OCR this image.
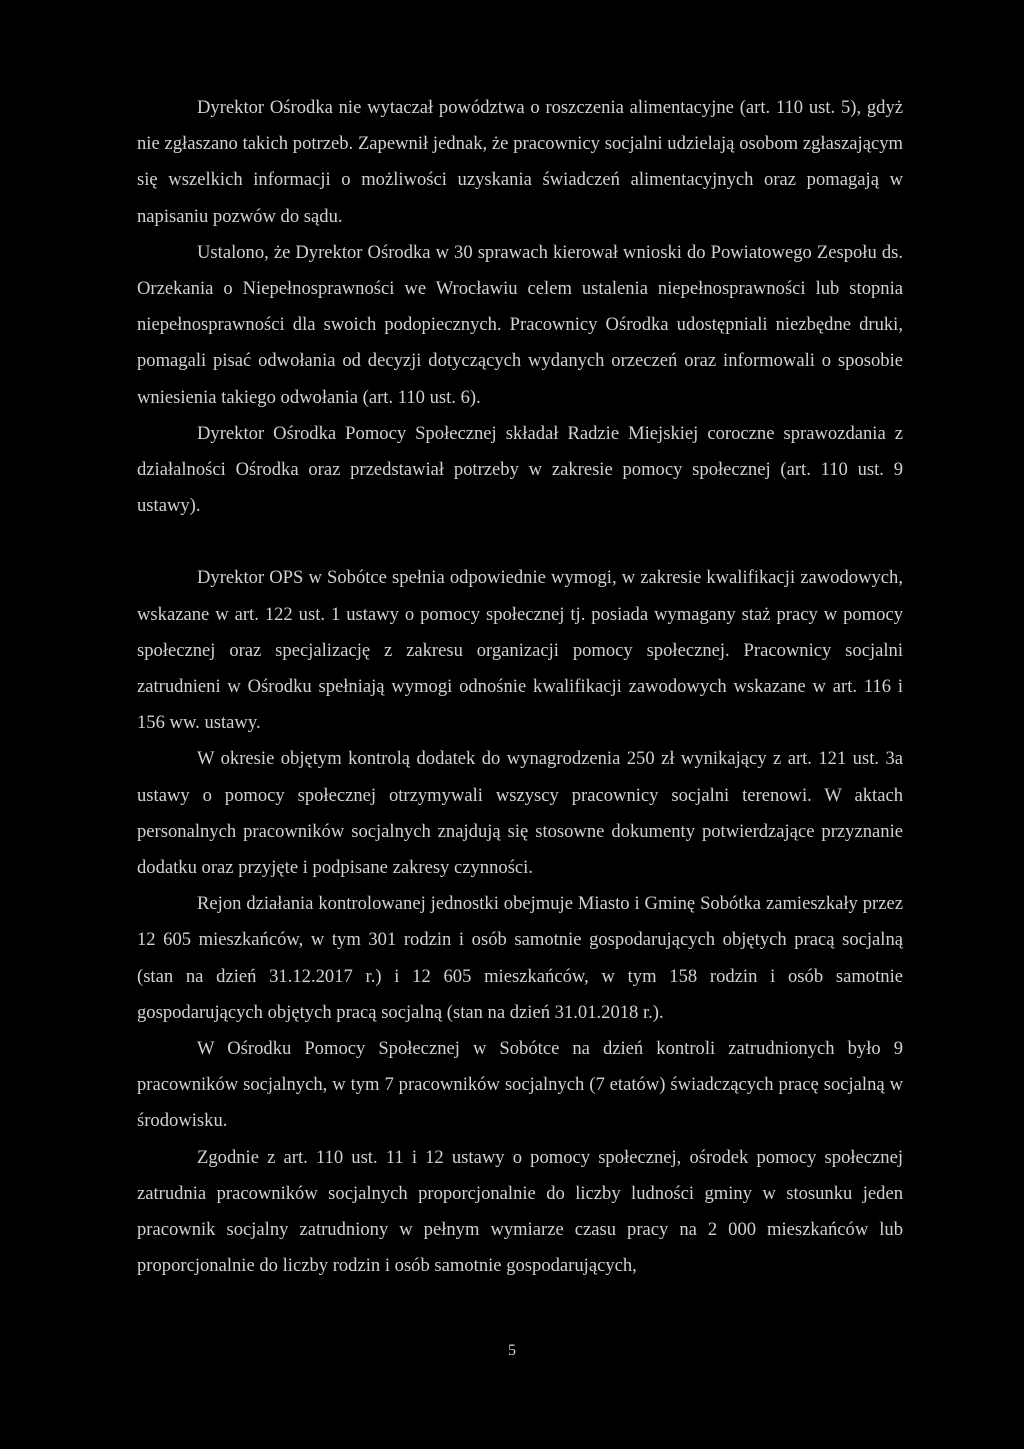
Dyrektor Ośrodka nie wytaczał powództwa o roszczenia alimentacyjne (art. 110 ust. 5), gdyż nie zgłaszano takich potrzeb. Zapewnił jednak, że pracownicy socjalni udzielają osobom zgłaszającym się wszelkich informacji o możliwości uzyskania świadczeń alimentacyjnych oraz pomagają w napisaniu pozwów do sądu.

Ustalono, że Dyrektor Ośrodka w 30 sprawach kierował wnioski do Powiatowego Zespołu ds. Orzekania o Niepełnosprawności we Wrocławiu celem ustalenia niepełnosprawności lub stopnia niepełnosprawności dla swoich podopiecznych. Pracownicy Ośrodka udostępniali niezbędne druki, pomagali pisać odwołania od decyzji dotyczących wydanych orzeczeń oraz informowali o sposobie wniesienia takiego odwołania (art. 110 ust. 6).

Dyrektor Ośrodka Pomocy Społecznej składał Radzie Miejskiej coroczne sprawozdania z działalności Ośrodka oraz przedstawiał potrzeby w zakresie pomocy społecznej (art. 110 ust. 9 ustawy).

Dyrektor OPS w Sobótce spełnia odpowiednie wymogi, w zakresie kwalifikacji zawodowych, wskazane w art. 122 ust. 1 ustawy o pomocy społecznej tj. posiada wymagany staż pracy w pomocy społecznej oraz specjalizację z zakresu organizacji pomocy społecznej. Pracownicy socjalni zatrudnieni w Ośrodku spełniają wymogi odnośnie kwalifikacji zawodowych wskazane w art. 116 i 156 ww. ustawy.

W okresie objętym kontrolą dodatek do wynagrodzenia 250 zł wynikający z art. 121 ust. 3a ustawy o pomocy społecznej otrzymywali wszyscy pracownicy socjalni terenowi. W aktach personalnych pracowników socjalnych znajdują się stosowne dokumenty potwierdzające przyznanie dodatku oraz przyjęte i podpisane zakresy czynności.

Rejon działania kontrolowanej jednostki obejmuje Miasto i Gminę Sobótka zamieszkały przez 12 605 mieszkańców, w tym 301 rodzin i osób samotnie gospodarujących objętych pracą socjalną (stan na dzień 31.12.2017 r.) i 12 605 mieszkańców, w tym 158 rodzin i osób samotnie gospodarujących objętych pracą socjalną (stan na dzień 31.01.2018 r.).

W Ośrodku Pomocy Społecznej w Sobótce na dzień kontroli zatrudnionych było 9 pracowników socjalnych, w tym 7 pracowników socjalnych (7 etatów) świadczących pracę socjalną w środowisku.

Zgodnie z art. 110 ust. 11 i 12 ustawy o pomocy społecznej, ośrodek pomocy społecznej zatrudnia pracowników socjalnych proporcjonalnie do liczby ludności gminy w stosunku jeden pracownik socjalny zatrudniony w pełnym wymiarze czasu pracy na 2 000 mieszkańców lub proporcjonalnie do liczby rodzin i osób samotnie gospodarujących,

5
